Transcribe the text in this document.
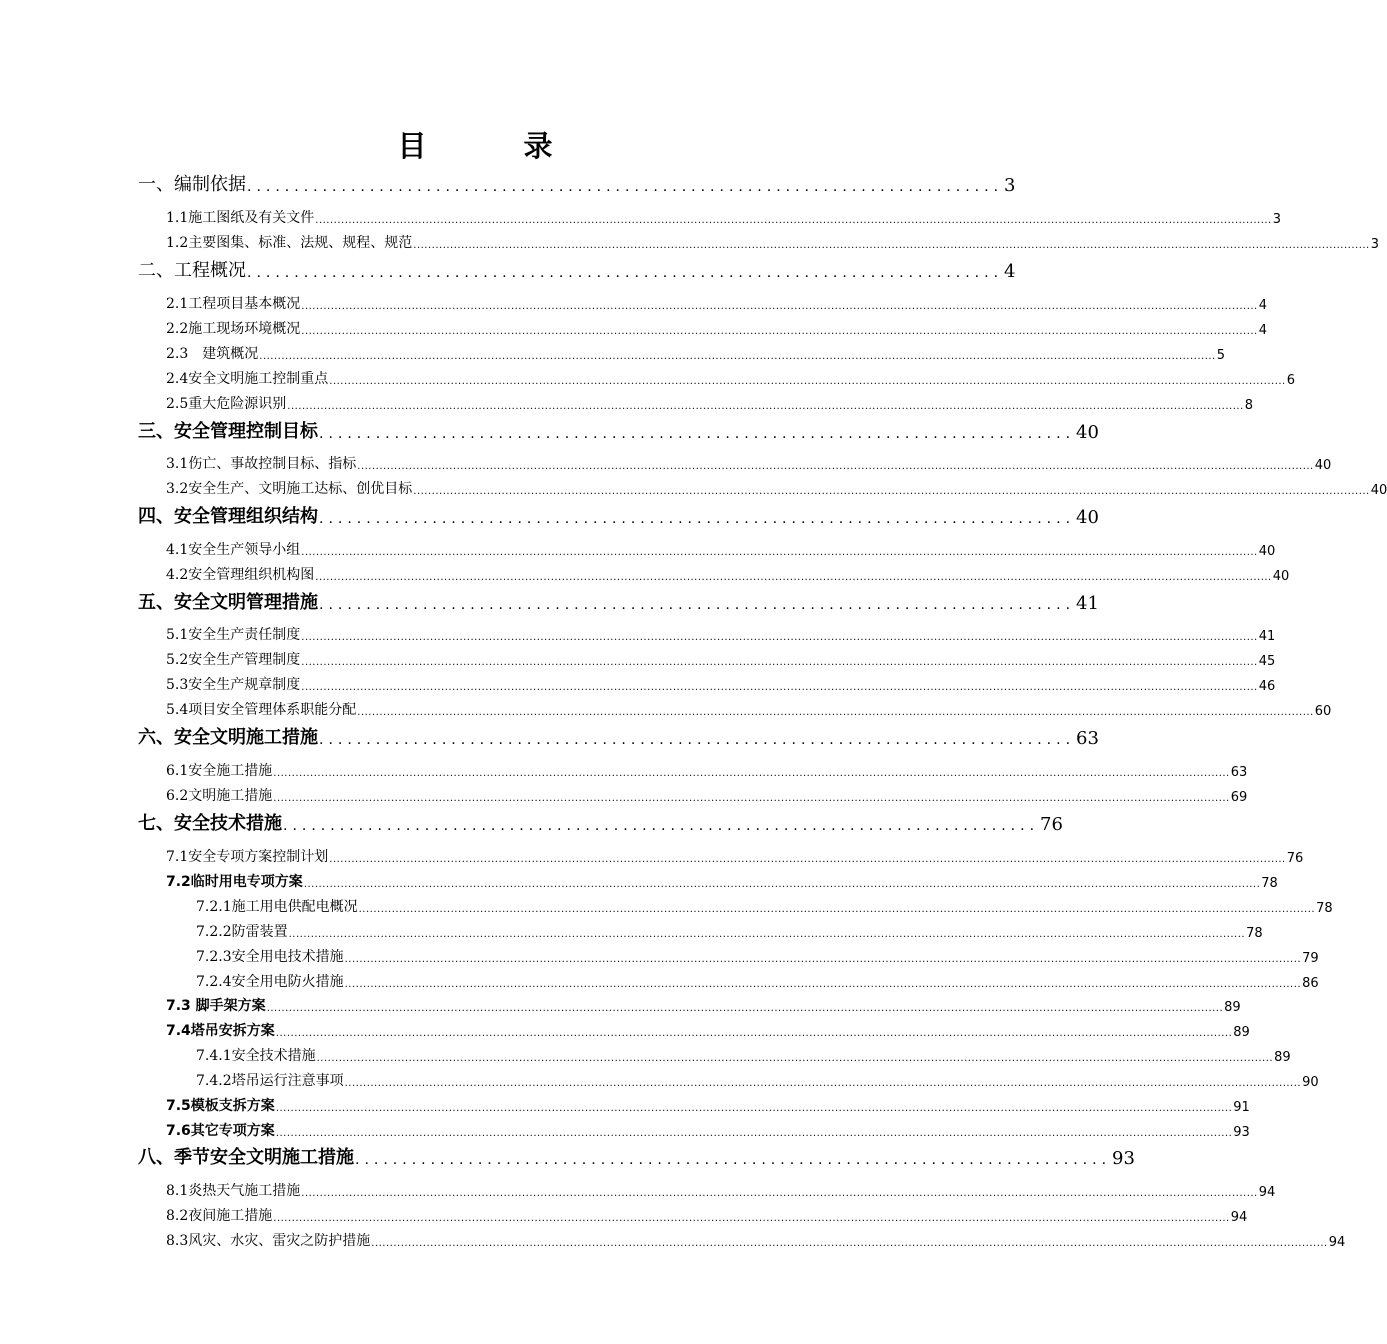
目　录
一、编制依据 ................................................................................ 3
1.1施工图纸及有关文件 .................................................................................................................................................................................................................................................................... 3
1.2主要图集、标准、法规、规程、规范 .................................................................................................................................................................................................................................................................... 3
二、工程概况 ................................................................................ 4
2.1工程项目基本概况 .................................................................................................................................................................................................................................................................... 4
2.2施工现场环境概况 .................................................................................................................................................................................................................................................................... 4
2.3　建筑概况 .................................................................................................................................................................................................................................................................... 5
2.4安全文明施工控制重点 .................................................................................................................................................................................................................................................................... 6
2.5重大危险源识别 .................................................................................................................................................................................................................................................................... 8
三、安全管理控制目标 ................................................................................ 40
3.1伤亡、事故控制目标、指标 .................................................................................................................................................................................................................................................................... 40
3.2安全生产、文明施工达标、创优目标 .................................................................................................................................................................................................................................................................... 40
四、安全管理组织结构 ................................................................................ 40
4.1安全生产领导小组 .................................................................................................................................................................................................................................................................... 40
4.2安全管理组织机构图 .................................................................................................................................................................................................................................................................... 40
五、安全文明管理措施 ................................................................................ 41
5.1安全生产责任制度 .................................................................................................................................................................................................................................................................... 41
5.2安全生产管理制度 .................................................................................................................................................................................................................................................................... 45
5.3安全生产规章制度 .................................................................................................................................................................................................................................................................... 46
5.4项目安全管理体系职能分配 .................................................................................................................................................................................................................................................................... 60
六、安全文明施工措施 ................................................................................ 63
6.1安全施工措施 .................................................................................................................................................................................................................................................................... 63
6.2文明施工措施 .................................................................................................................................................................................................................................................................... 69
七、安全技术措施 ................................................................................ 76
7.1安全专项方案控制计划 .................................................................................................................................................................................................................................................................... 76
7.2临时用电专项方案 .................................................................................................................................................................................................................................................................... 78
7.2.1施工用电供配电概况 .................................................................................................................................................................................................................................................................... 78
7.2.2防雷装置 .................................................................................................................................................................................................................................................................... 78
7.2.3安全用电技术措施 .................................................................................................................................................................................................................................................................... 79
7.2.4安全用电防火措施 .................................................................................................................................................................................................................................................................... 86
7.3 脚手架方案 .................................................................................................................................................................................................................................................................... 89
7.4塔吊安拆方案 .................................................................................................................................................................................................................................................................... 89
7.4.1安全技术措施 .................................................................................................................................................................................................................................................................... 89
7.4.2塔吊运行注意事项 .................................................................................................................................................................................................................................................................... 90
7.5模板支拆方案 .................................................................................................................................................................................................................................................................... 91
7.6其它专项方案 .................................................................................................................................................................................................................................................................... 93
八、季节安全文明施工措施 ................................................................................ 93
8.1炎热天气施工措施 .................................................................................................................................................................................................................................................................... 94
8.2夜间施工措施 .................................................................................................................................................................................................................................................................... 94
8.3风灾、水灾、雷灾之防护措施 .................................................................................................................................................................................................................................................................... 94
